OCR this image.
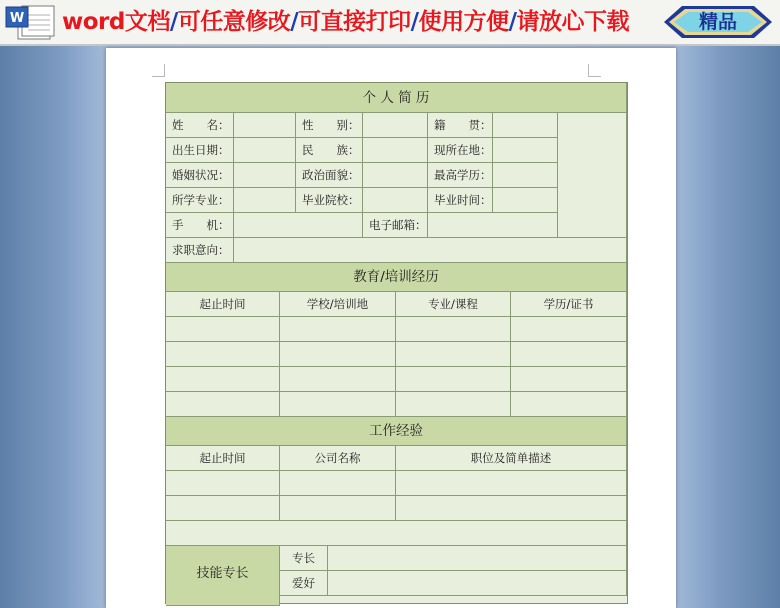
W word文档/可任意修改/可直接打印/使用方便/请放心下载	精品
个 人 简 历
姓　　名：	性　　别：	籍　　贯：
出生日期：	民　　族：	现所在地：
婚姻状况：	政治面貌：	最高学历：
所学专业：	毕业院校：	毕业时间：
手　　机：	电子邮箱：
求职意向：
教育/培训经历
起止时间	学校/培训地	专业/课程	学历/证书
工作经验
起止时间	公司名称	职位及简单描述
技能专长
专长
爱好
